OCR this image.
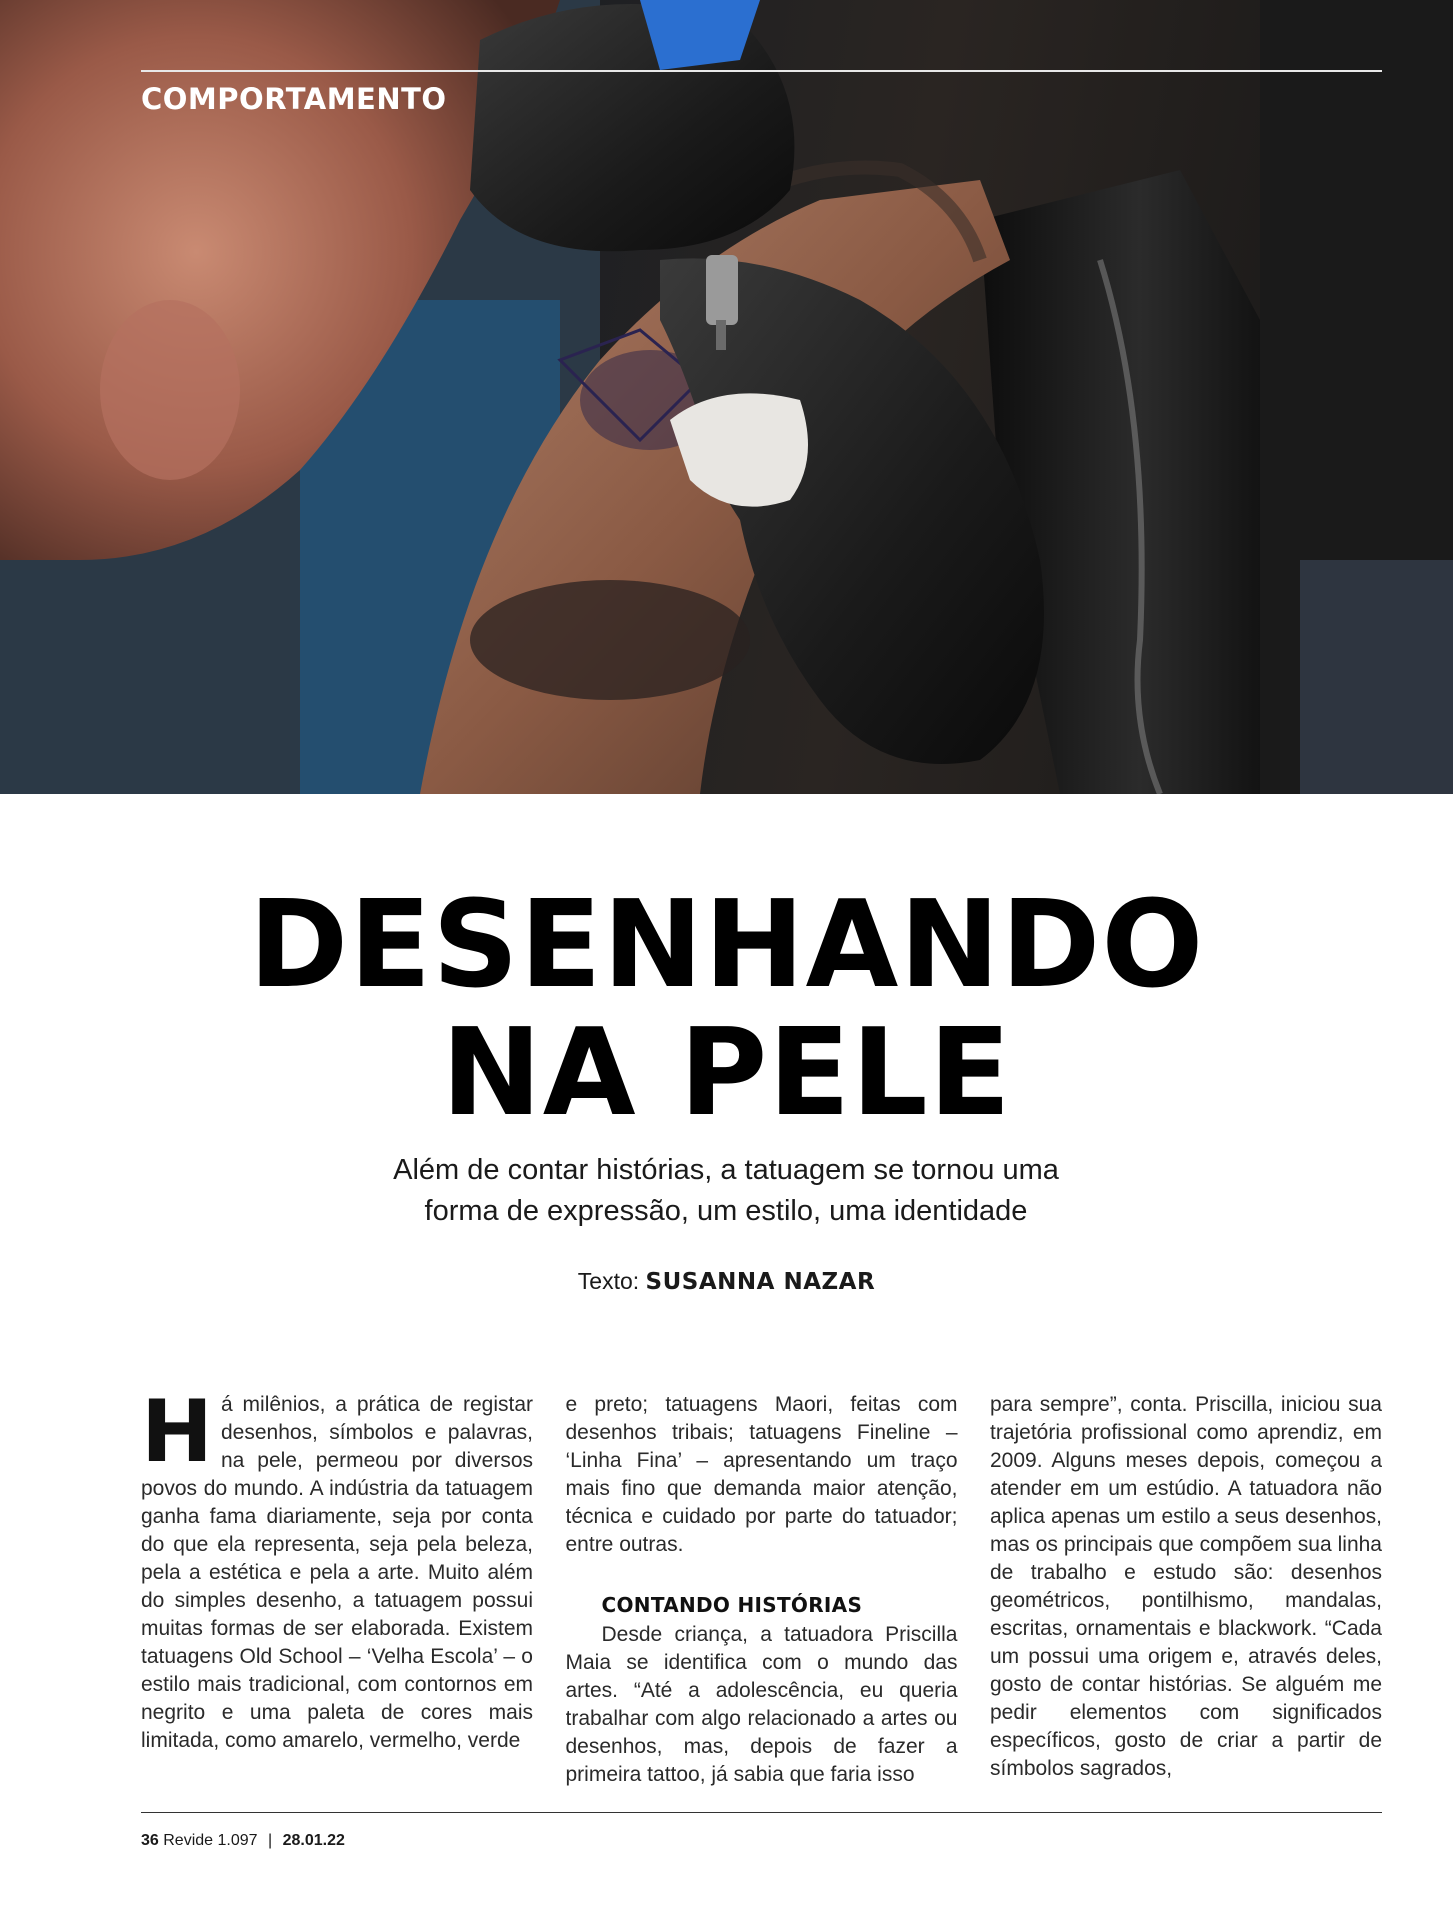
COMPORTAMENTO
DESENHANDO
NA PELE

Além de contar histórias, a tatuagem se tornou uma
forma de expressão, um estilo, uma identidade

Texto: SUSANNA NAZAR

H á milênios, a prática de registar desenhos, símbolos e palavras, na pele, permeou por diversos povos do mundo. A indústria da tatuagem ganha fama diariamente, seja por conta do que ela representa, seja pela beleza, pela a estética e pela a arte. Muito além do simples desenho, a tatuagem possui muitas formas de ser elaborada. Existem tatuagens Old School – ‘Velha Escola’ – o estilo mais tradicional, com contornos em negrito e uma paleta de cores mais limitada, como amarelo, vermelho, verde

e preto; tatuagens Maori, feitas com desenhos tribais; tatuagens Fineline – ‘Linha Fina’ – apresentando um traço mais fino que demanda maior atenção, técnica e cuidado por parte do tatuador; entre outras.

CONTANDO HISTÓRIAS

Desde criança, a tatuadora Priscilla Maia se identifica com o mundo das artes. “Até a adolescência, eu queria trabalhar com algo relacionado a artes ou desenhos, mas, depois de fazer a primeira tattoo, já sabia que faria isso

para sempre”, conta. Priscilla, iniciou sua trajetória profissional como aprendiz, em 2009. Alguns meses depois, começou a atender em um estúdio. A tatuadora não aplica apenas um estilo a seus desenhos, mas os principais que compõem sua linha de trabalho e estudo são: desenhos geométricos, pontilhismo, mandalas, escritas, ornamentais e blackwork. “Cada um possui uma origem e, através deles, gosto de contar histórias. Se alguém me pedir elementos com significados específicos, gosto de criar a partir de símbolos sagrados,

36 Revide 1.097 | 28.01.22
